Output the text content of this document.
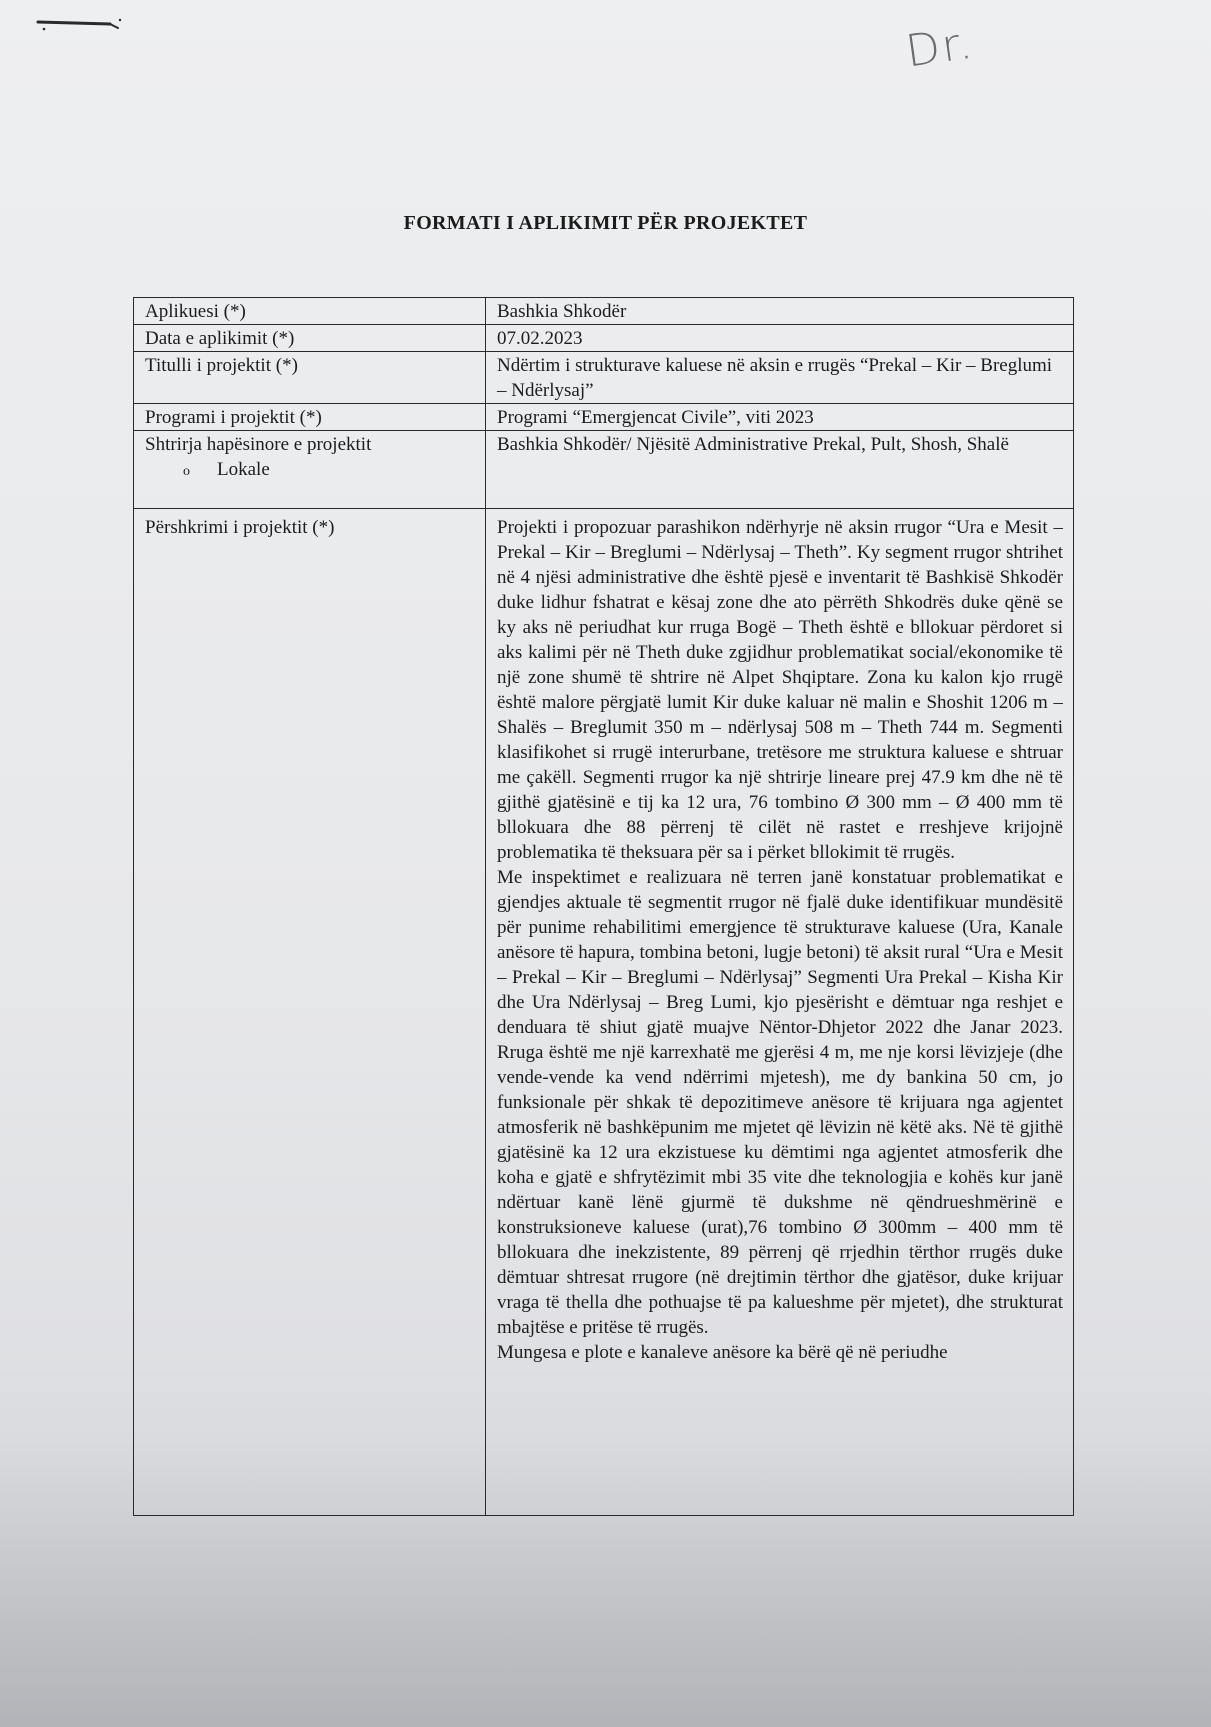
Dr.
FORMATI I APLIKIMIT PËR PROJEKTET
Aplikuesi (*)	Bashkia Shkodër
Data e aplikimit (*)	07.02.2023
Titulli i projektit (*)	Ndërtim i strukturave kaluese në aksin e rrugës “Prekal – Kir – Breglumi – Ndërlysaj”
Programi i projektit (*)	Programi “Emergjencat Civile”, viti 2023

Shtrirja hapësinore e projektit
o Lokale	Bashkia Shkodër/ Njësitë Administrative Prekal, Pult, Shosh, Shalë
Përshkrimi i projektit (*)	Projekti i propozuar parashikon ndërhyrje në aksin rrugor “Ura e Mesit – Prekal – Kir – Breglumi – Ndërlysaj – Theth”. Ky segment rrugor shtrihet në 4 njësi administrative dhe është pjesë e inventarit të Bashkisë Shkodër duke lidhur fshatrat e kësaj zone dhe ato përrëth Shkodrës duke qënë se ky aks në periudhat kur rruga Bogë – Theth është e bllokuar përdoret si aks kalimi për në Theth duke zgjidhur problematikat social/ekonomike të një zone shumë të shtrire në Alpet Shqiptare. Zona ku kalon kjo rrugë është malore përgjatë lumit Kir duke kaluar në malin e Shoshit 1206 m – Shalës – Breglumit 350 m – ndërlysaj 508 m – Theth 744 m. Segmenti klasifikohet si rrugë interurbane, tretësore me struktura kaluese e shtruar me çakëll. Segmenti rrugor ka një shtrirje lineare prej 47.9 km dhe në të gjithë gjatësinë e tij ka 12 ura, 76 tombino Ø 300 mm – Ø 400 mm të bllokuara dhe 88 përrenj të cilët në rastet e rreshjeve krijojnë problematika të theksuara për sa i përket bllokimit të rrugës.

Me inspektimet e realizuara në terren janë konstatuar problematikat e gjendjes aktuale të segmentit rrugor në fjalë duke identifikuar mundësitë për punime rehabilitimi emergjence të strukturave kaluese (Ura, Kanale anësore të hapura, tombina betoni, lugje betoni) të aksit rural “Ura e Mesit – Prekal – Kir – Breglumi – Ndërlysaj” Segmenti Ura Prekal – Kisha Kir dhe Ura Ndërlysaj – Breg Lumi, kjo pjesërisht e dëmtuar nga reshjet e denduara të shiut gjatë muajve Nëntor-Dhjetor 2022 dhe Janar 2023. Rruga është me një karrexhatë me gjerësi 4 m, me nje korsi lëvizjeje (dhe vende-vende ka vend ndërrimi mjetesh), me dy bankina 50 cm, jo funksionale për shkak të depozitimeve anësore të krijuara nga agjentet atmosferik në bashkëpunim me mjetet që lëvizin në këtë aks. Në të gjithë gjatësinë ka 12 ura ekzistuese ku dëmtimi nga agjentet atmosferik dhe koha e gjatë e shfrytëzimit mbi 35 vite dhe teknologjia e kohës kur janë ndërtuar kanë lënë gjurmë të dukshme në qëndrueshmërinë e konstruksioneve kaluese (urat),76 tombino Ø 300mm – 400 mm të bllokuara dhe inekzistente, 89 përrenj që rrjedhin tërthor rrugës duke dëmtuar shtresat rrugore (në drejtimin tërthor dhe gjatësor, duke krijuar vraga të thella dhe pothuajse të pa kalueshme për mjetet), dhe strukturat mbajtëse e pritëse të rrugës.

Mungesa e plote e kanaleve anësore ka bërë që në periudhe
